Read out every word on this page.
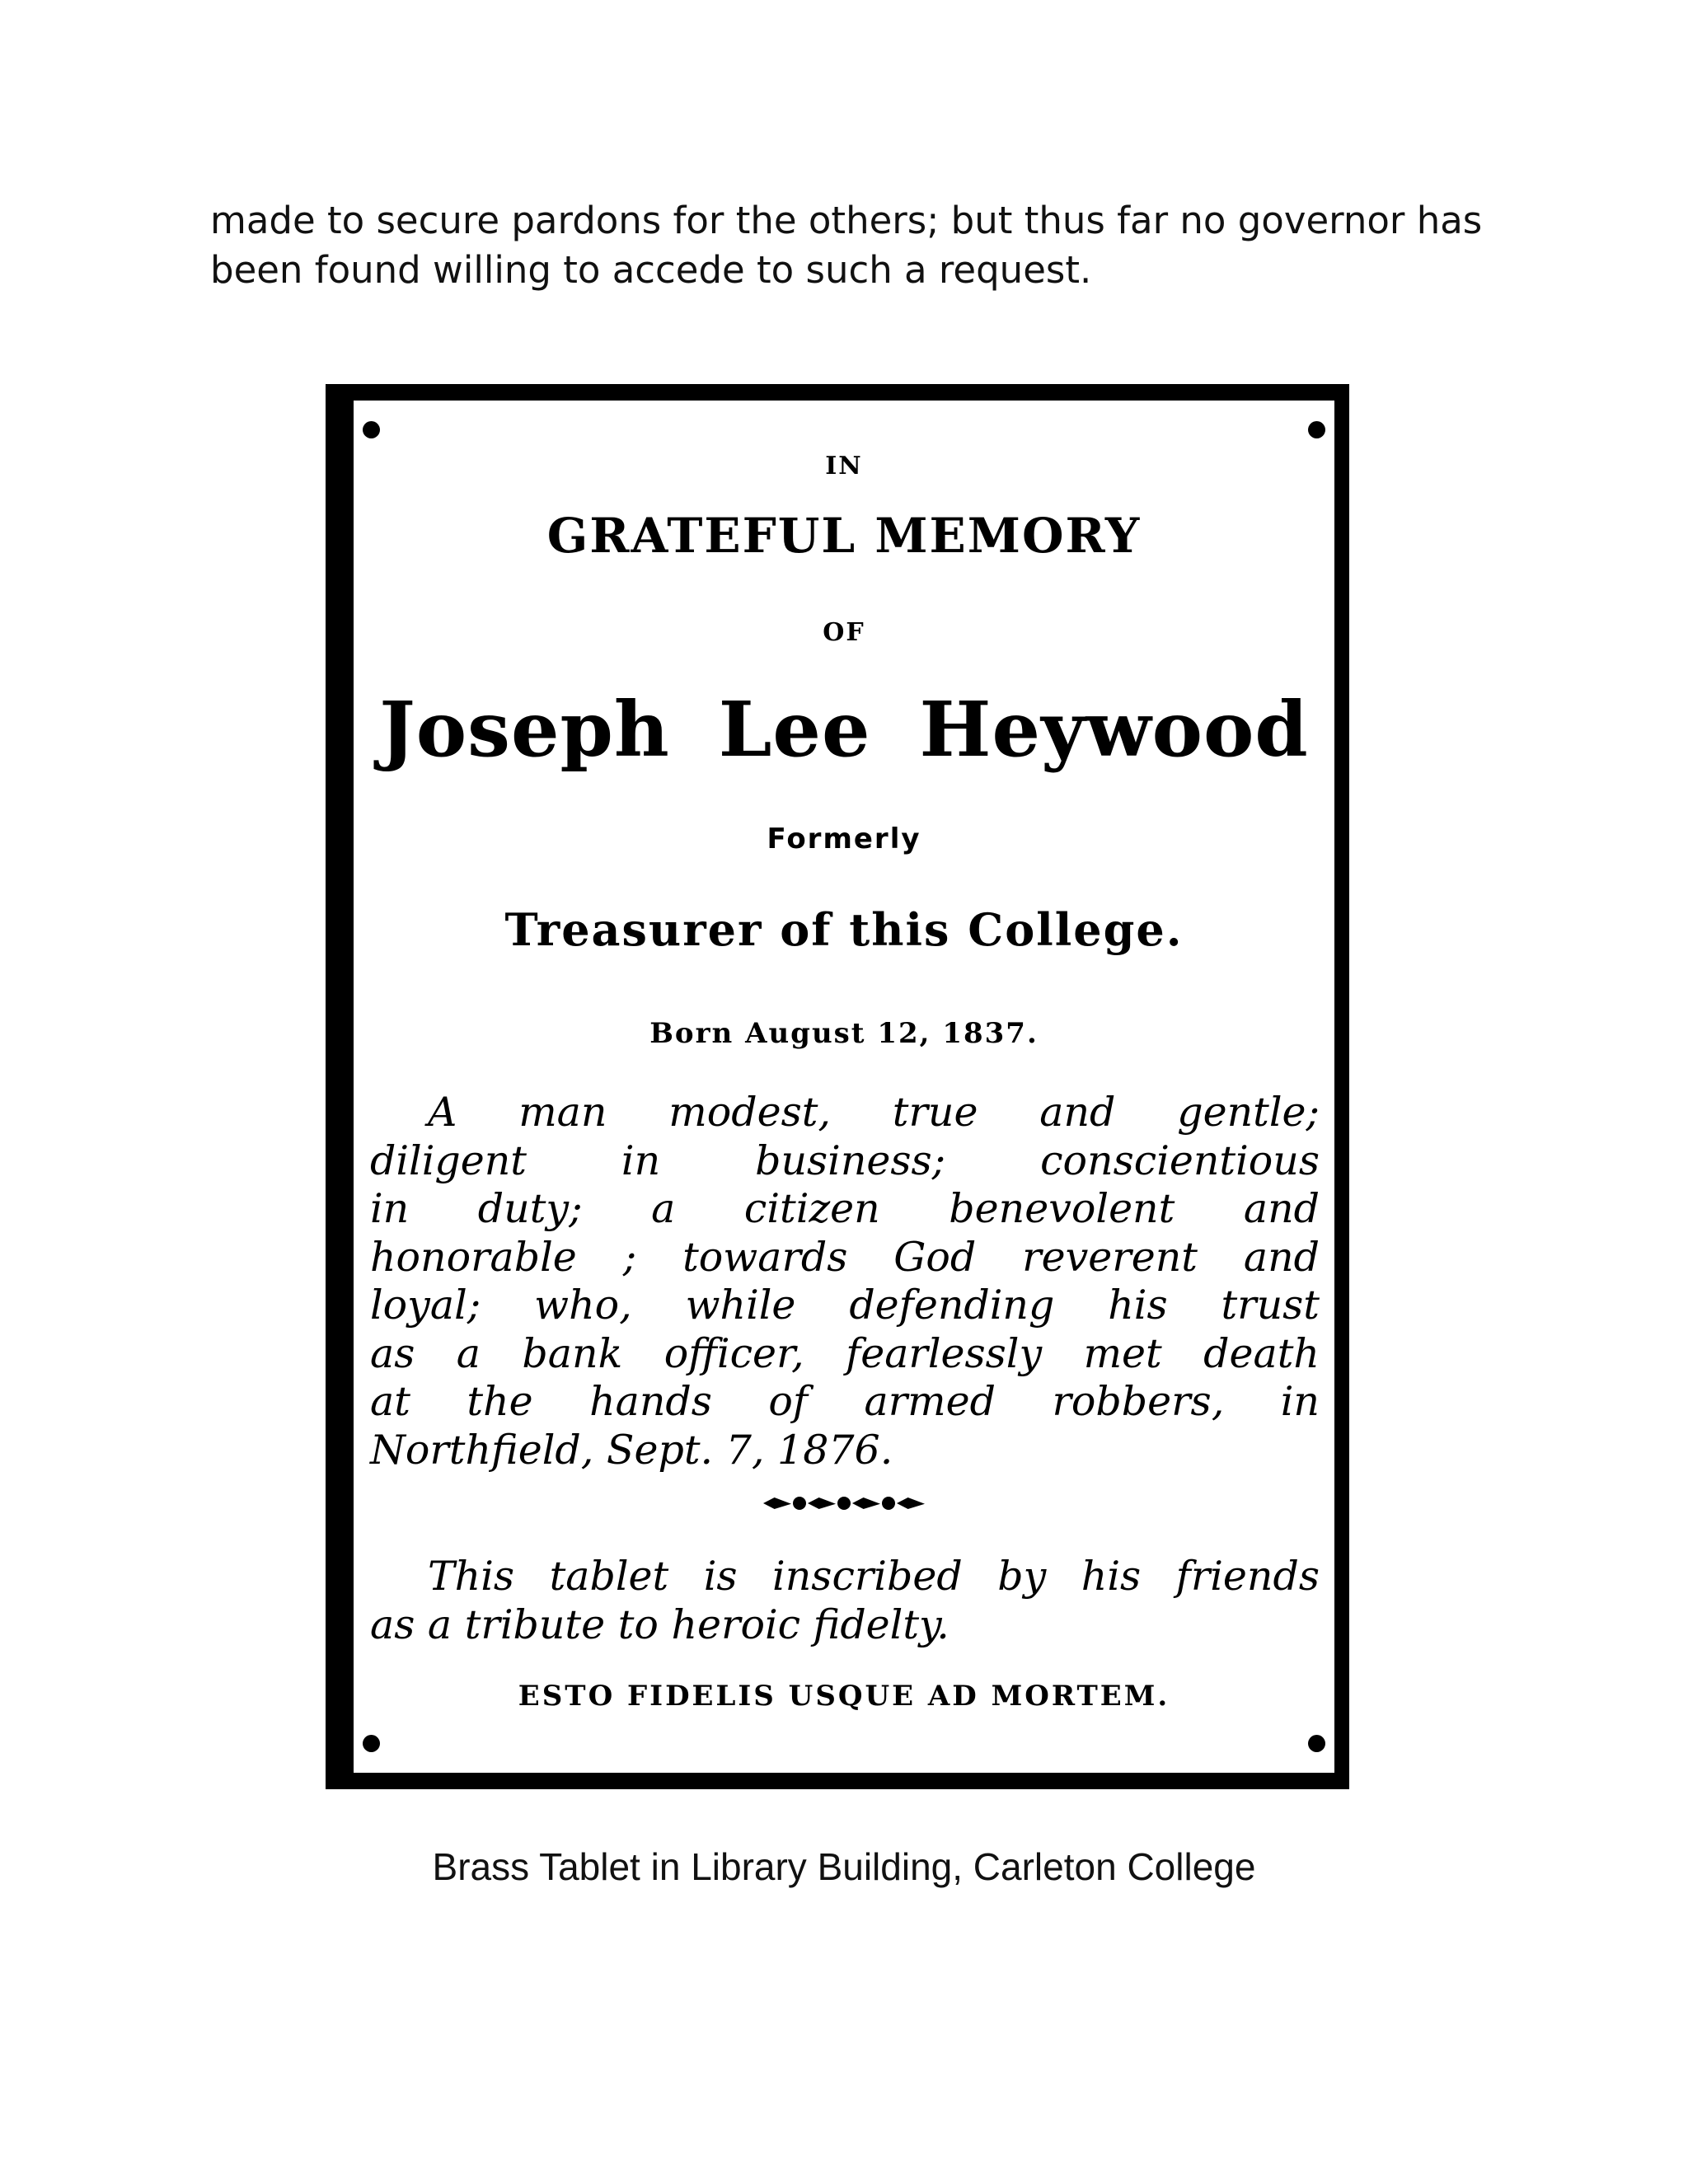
made to secure pardons for the others; but thus far no governor has
been found willing to accede to such a request.
IN
GRATEFUL MEMORY
OF
Joseph Lee Heywood
Formerly
Treasurer of this College.
Born August 12, 1837.
A man modest, true and gentle;
diligent in business; conscientious
in duty; a citizen benevolent and
honorable ; towards God reverent and
loyal; who, while defending his trust
as a bank officer, fearlessly met death
at the hands of armed robbers, in
Northfield, Sept. 7, 1876.
This tablet is inscribed by his friends
as a tribute to heroic fidelty.
ESTO FIDELIS USQUE AD MORTEM.
Brass Tablet in Library Building, Carleton College
